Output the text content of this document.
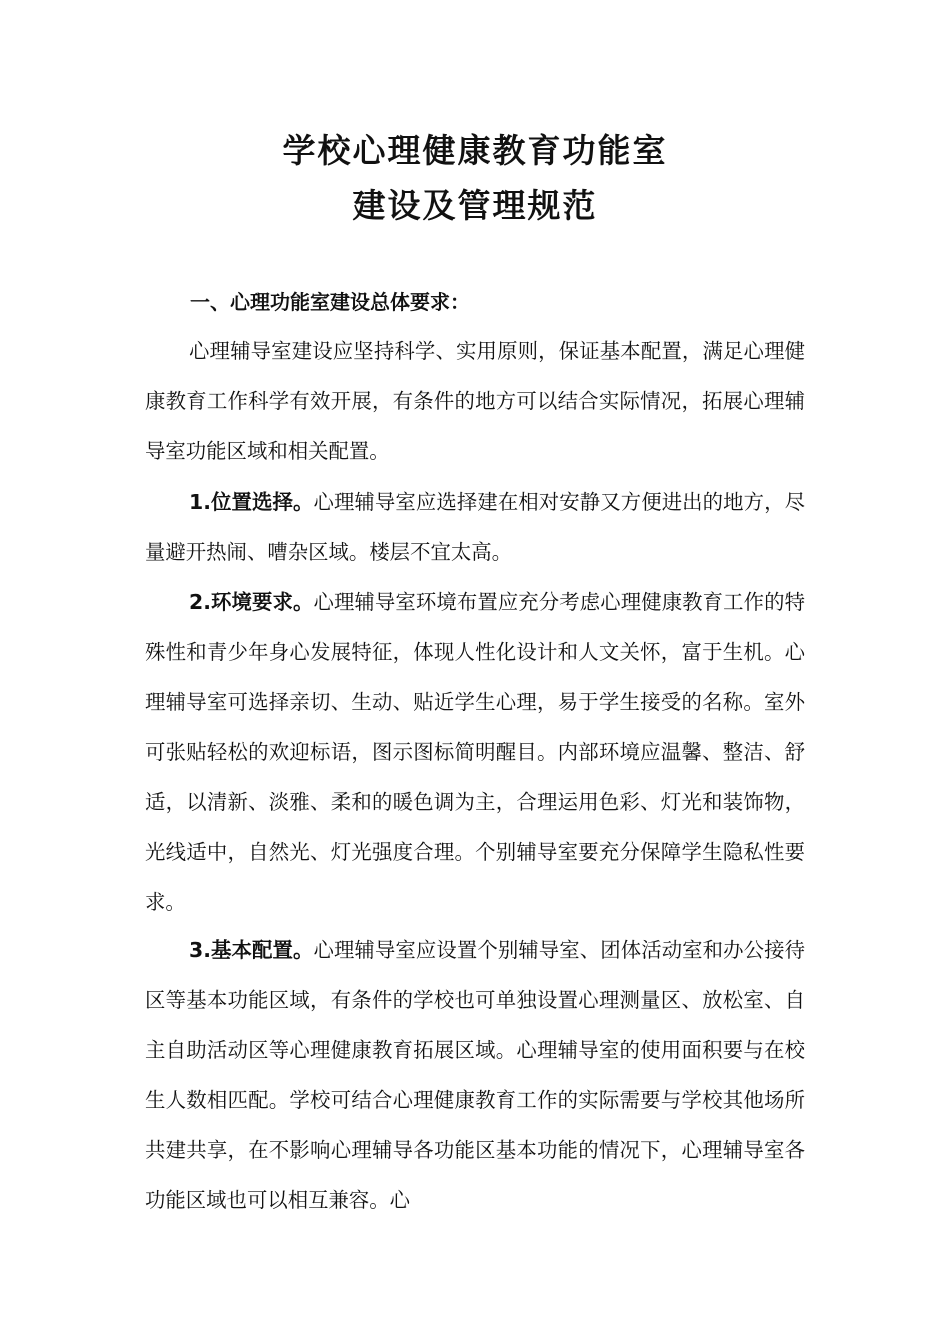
学校心理健康教育功能室
建设及管理规范
一、心理功能室建设总体要求：

心理辅导室建设应坚持科学、实用原则，保证基本配置，满足心理健康教育工作科学有效开展，有条件的地方可以结合实际情况，拓展心理辅导室功能区域和相关配置。

1.位置选择。心理辅导室应选择建在相对安静又方便进出的地方，尽量避开热闹、嘈杂区域。楼层不宜太高。

2.环境要求。心理辅导室环境布置应充分考虑心理健康教育工作的特殊性和青少年身心发展特征，体现人性化设计和人文关怀，富于生机。心理辅导室可选择亲切、生动、贴近学生心理，易于学生接受的名称。室外可张贴轻松的欢迎标语，图示图标简明醒目。内部环境应温馨、整洁、舒适，以清新、淡雅、柔和的暖色调为主，合理运用色彩、灯光和装饰物，光线适中，自然光、灯光强度合理。个别辅导室要充分保障学生隐私性要求。

3.基本配置。心理辅导室应设置个别辅导室、团体活动室和办公接待区等基本功能区域，有条件的学校也可单独设置心理测量区、放松室、自主自助活动区等心理健康教育拓展区域。心理辅导室的使用面积要与在校生人数相匹配。学校可结合心理健康教育工作的实际需要与学校其他场所共建共享，在不影响心理辅导各功能区基本功能的情况下，心理辅导室各功能区域也可以相互兼容。心
